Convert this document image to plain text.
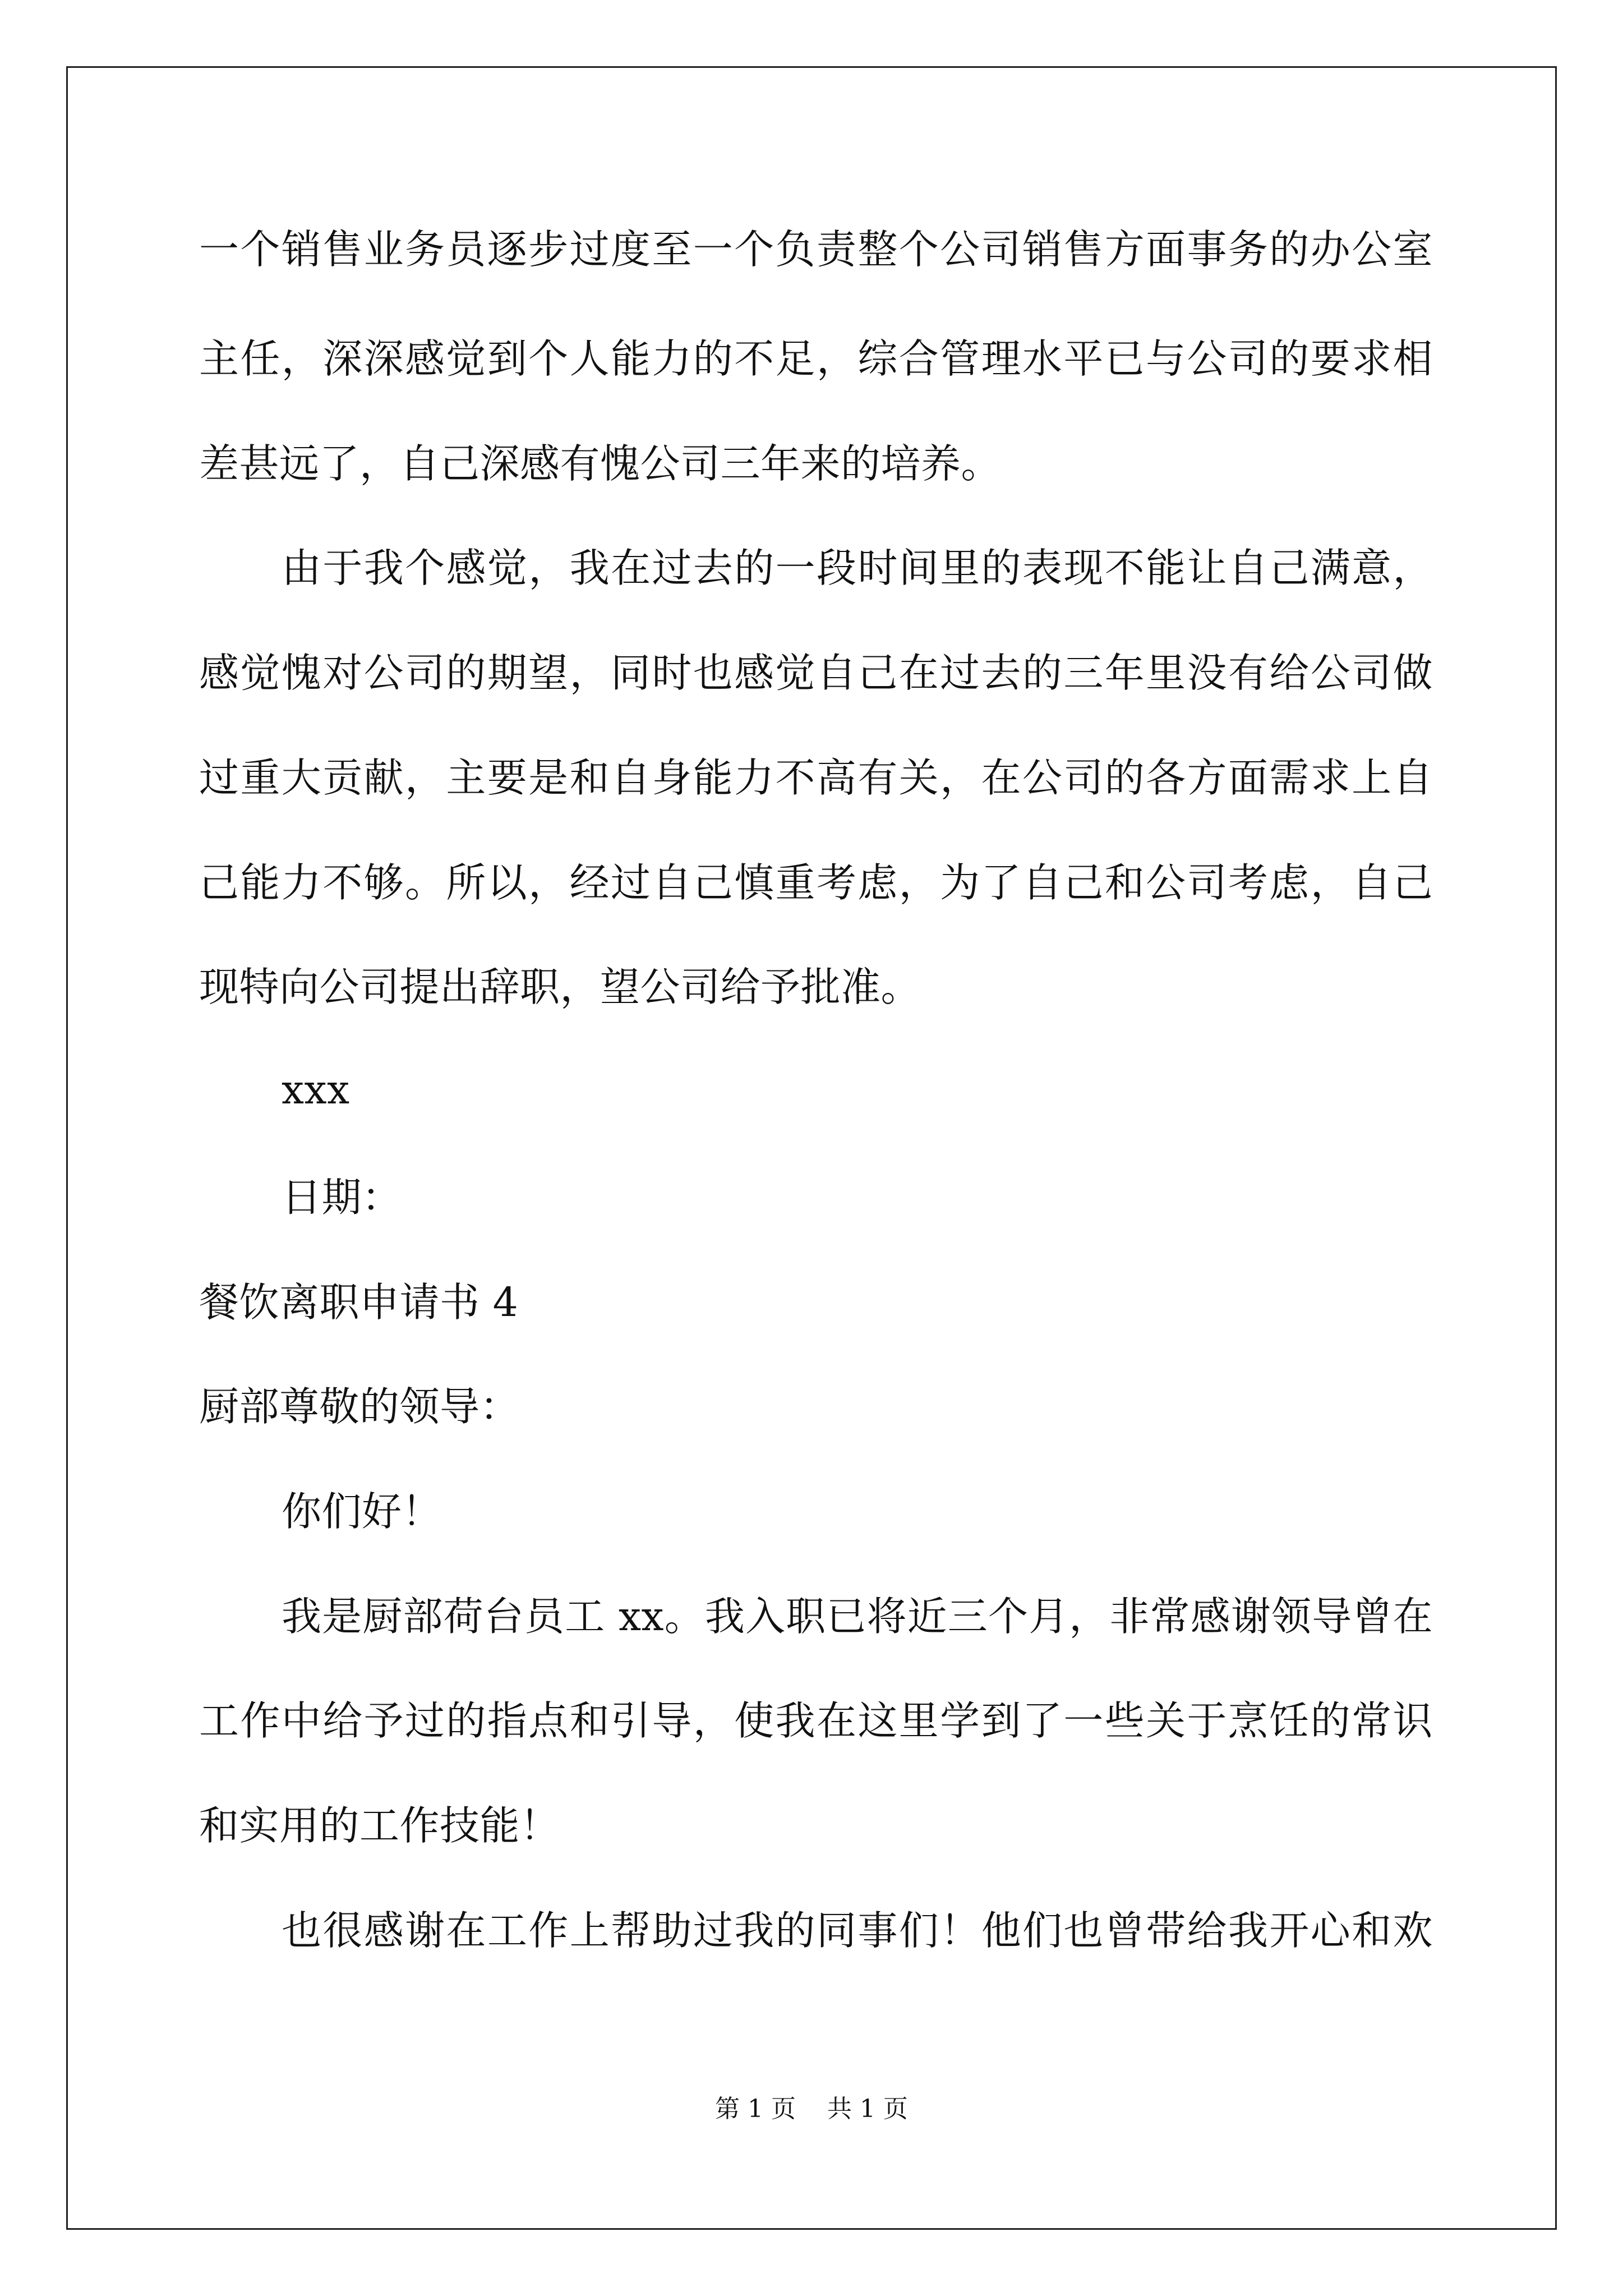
一个销售业务员逐步过度至一个负责整个公司销售方面事务的办公室
主任，深深感觉到个人能力的不足，综合管理水平已与公司的要求相
差甚远了，自己深感有愧公司三年来的培养。
由于我个感觉，我在过去的一段时间里的表现不能让自己满意，
感觉愧对公司的期望，同时也感觉自己在过去的三年里没有给公司做
过重大贡献，主要是和自身能力不高有关，在公司的各方面需求上自
己能力不够。所以，经过自己慎重考虑，为了自己和公司考虑，自己
现特向公司提出辞职，望公司给予批准。
xxx
日期：
餐饮离职申请书 4
厨部尊敬的领导：
你们好！
我是厨部荷台员工 xx。我入职已将近三个月，非常感谢领导曾在
工作中给予过的指点和引导，使我在这里学到了一些关于烹饪的常识
和实用的工作技能！
也很感谢在工作上帮助过我的同事们！他们也曾带给我开心和欢
第 1 页    共 1 页
